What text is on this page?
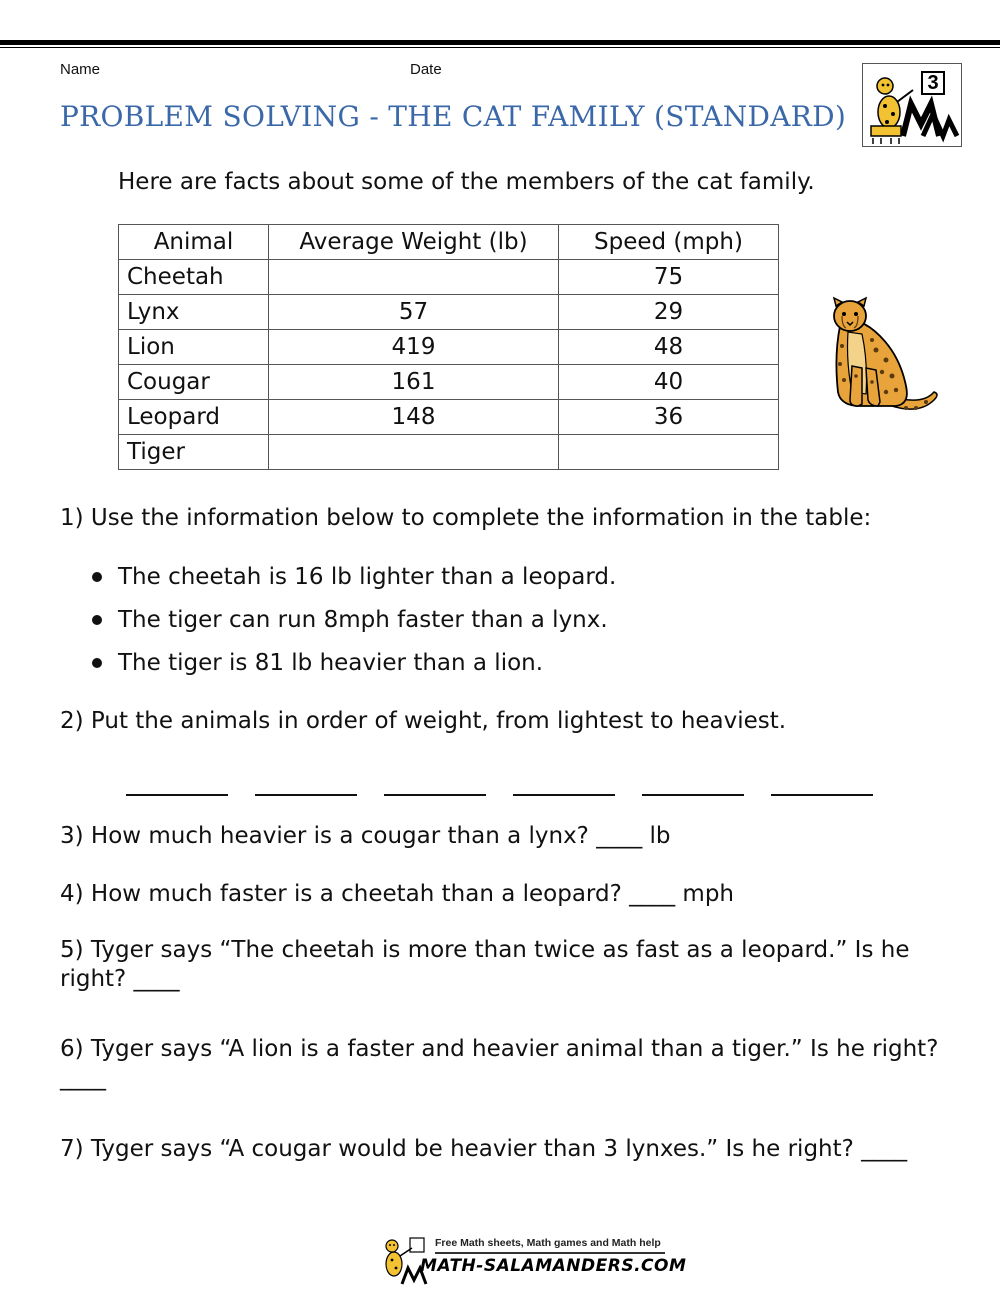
Name	Date
PROBLEM SOLVING - THE CAT FAMILY (STANDARD)
3
Here are facts about some of the members of the cat family.
Animal	Average Weight (lb)	Speed (mph)
Cheetah		75
Lynx	57	29
Lion	419	48
Cougar	161	40
Leopard	148	36
Tiger		
1) Use the information below to complete the information in the table:
The cheetah is 16 lb lighter than a leopard.
The tiger can run 8mph faster than a lynx.
The tiger is 81 lb heavier than a lion.
2) Put the animals in order of weight, from lightest to heaviest.
3) How much heavier is a cougar than a lynx? ____ lb
4) How much faster is a cheetah than a leopard? ____ mph
5) Tyger says “The cheetah is more than twice as fast as a leopard.” Is he right? ____
6) Tyger says “A lion is a faster and heavier animal than a tiger.” Is he right? ____
7) Tyger says “A cougar would be heavier than 3 lynxes.” Is he right? ____
Free Math sheets, Math games and Math help
MATH-SALAMANDERS.COM
